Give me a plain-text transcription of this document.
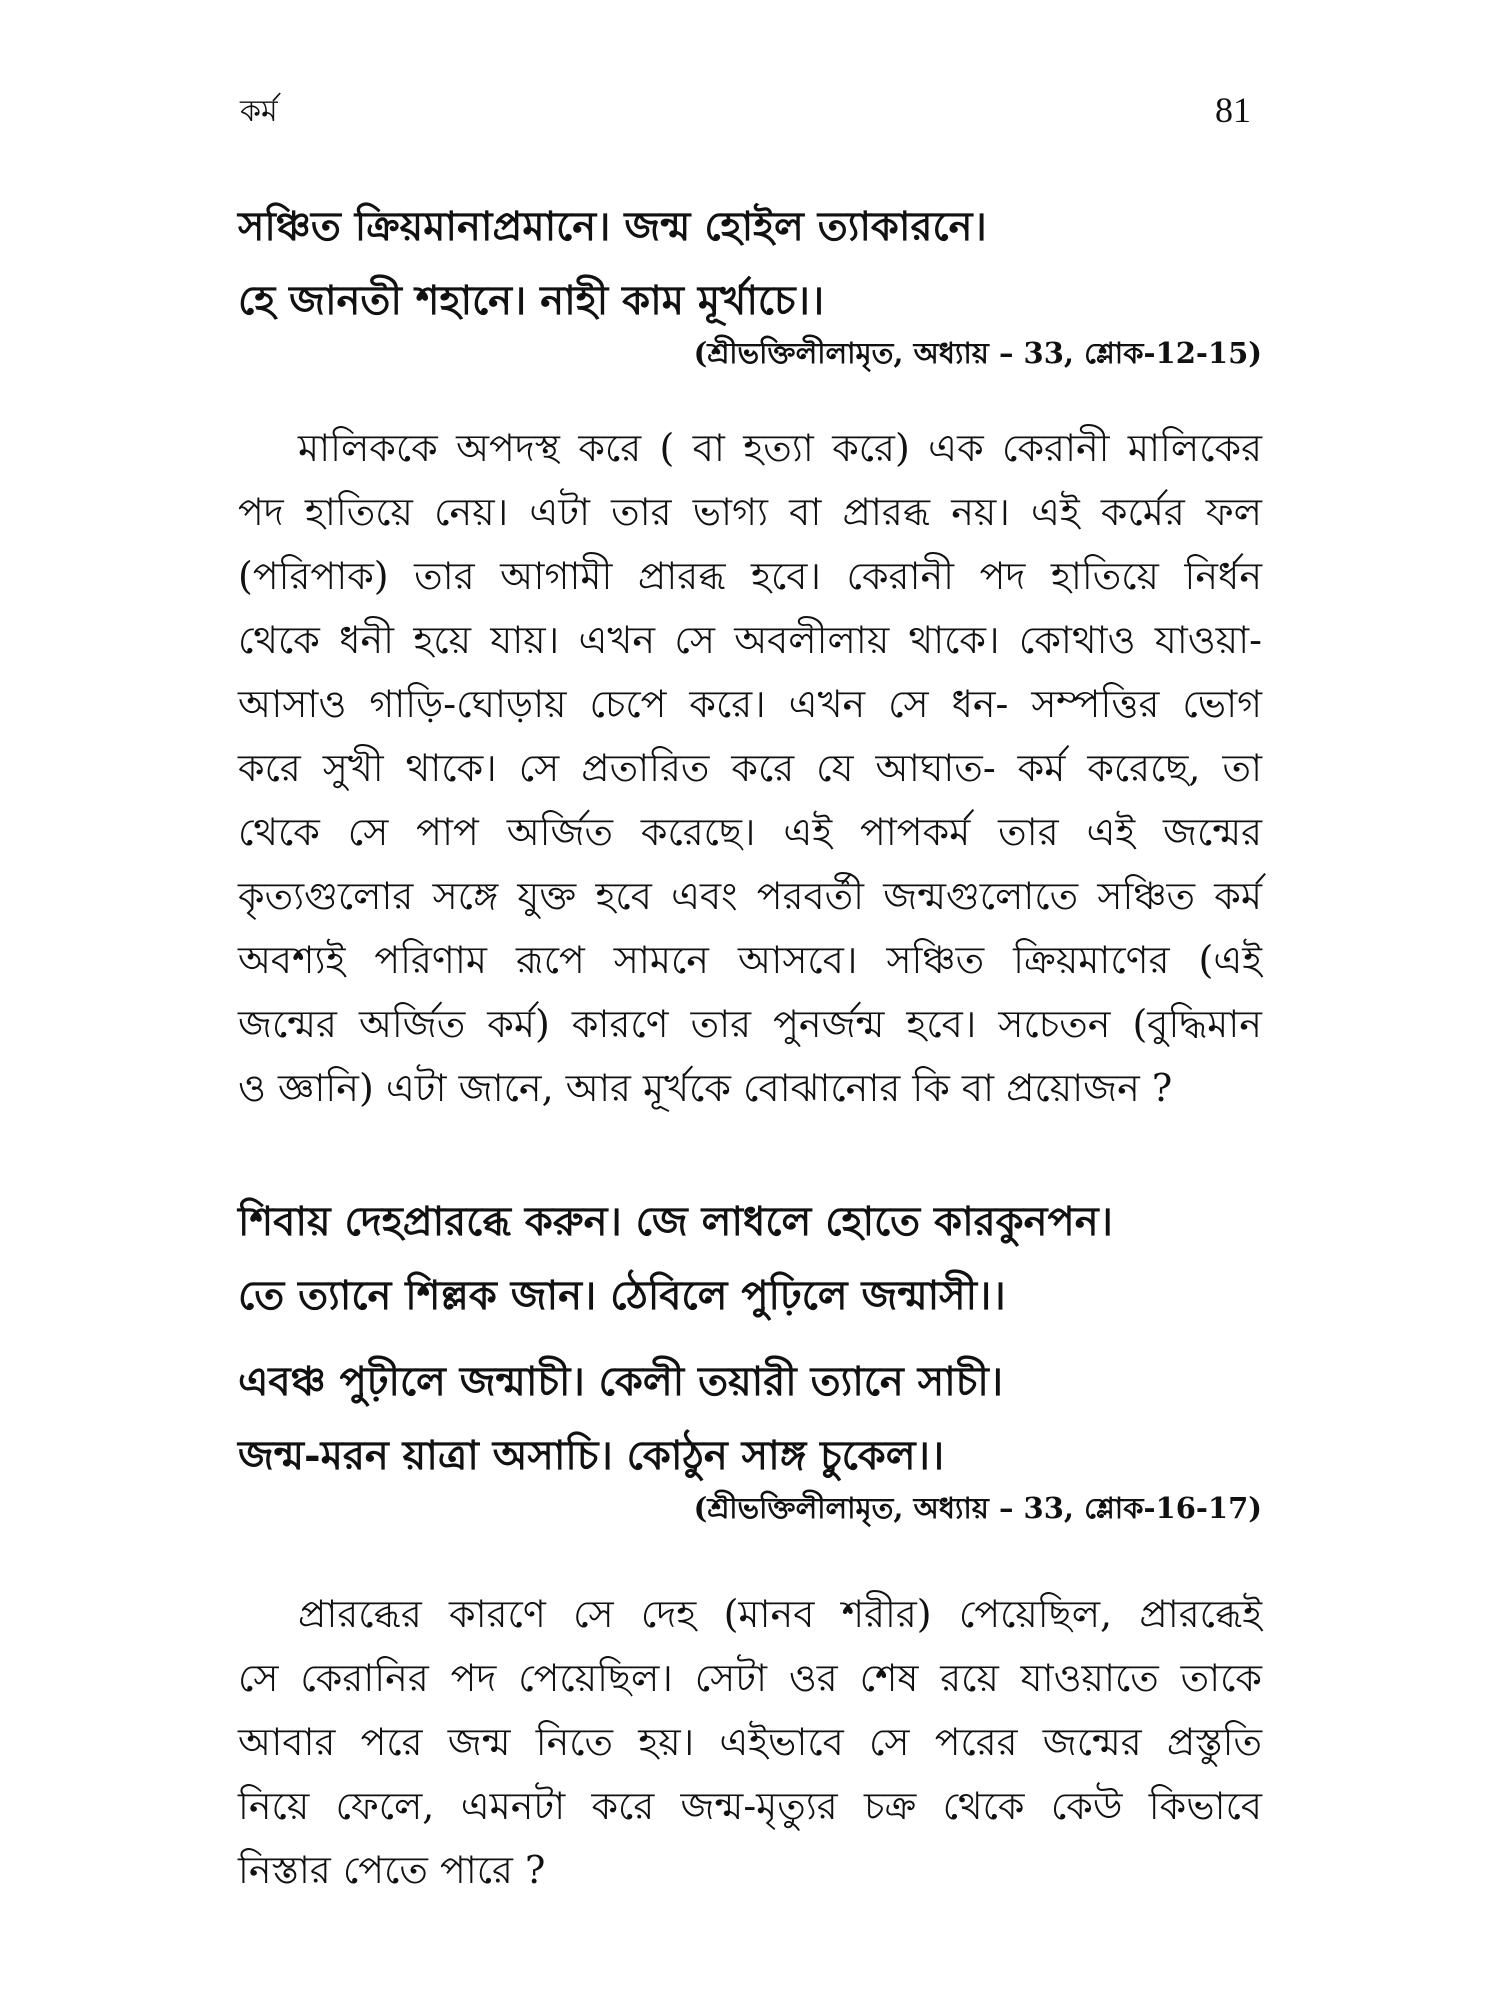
কর্ম	81
সঞ্চিত ক্রিয়মানাপ্রমানে। জন্ম হোইল ত্যাকারনে।
হে জানতী শহানে। নাহী কাম মূর্খাচে।।
(শ্রীভক্তিলীলামৃত, অধ্যায় – 33, শ্লোক-12-15)
মালিককে অপদস্থ করে ( বা হত্যা করে) এক কেরানী মালিকের
পদ হাতিয়ে নেয়। এটা তার ভাগ্য বা প্রারব্ধ নয়। এই কর্মের ফল
(পরিপাক) তার আগামী প্রারব্ধ হবে। কেরানী পদ হাতিয়ে নির্ধন
থেকে ধনী হয়ে যায়। এখন সে অবলীলায় থাকে। কোথাও যাওয়া-
আসাও গাড়ি-ঘোড়ায় চেপে করে। এখন সে ধন- সম্পত্তির ভোগ
করে সুখী থাকে। সে প্রতারিত করে যে আঘাত- কর্ম করেছে, তা
থেকে সে পাপ অর্জিত করেছে। এই পাপকর্ম তার এই জন্মের
কৃত্যগুলোর সঙ্গে যুক্ত হবে এবং পরবর্তী জন্মগুলোতে সঞ্চিত কর্ম
অবশ্যই পরিণাম রূপে সামনে আসবে। সঞ্চিত ক্রিয়মাণের (এই
জন্মের অর্জিত কর্ম) কারণে তার পুনর্জন্ম হবে। সচেতন (বুদ্ধিমান
ও জ্ঞানি) এটা জানে, আর মূর্খকে বোঝানোর কি বা প্রয়োজন ?
শিবায় দেহপ্রারব্ধে করুন। জে লাধলে হোতে কারকুনপন।
তে ত্যানে শিল্লক জান। ঠেবিলে পুঢ়িলে জন্মাসী।।
এবঞ্চ পুঢ়ীলে জন্মাচী। কেলী তয়ারী ত্যানে সাচী।
জন্ম-মরন য়াত্রা অসাচি। কোঠুন সাঙ্গ চুকেল।।
(শ্রীভক্তিলীলামৃত, অধ্যায় – 33, শ্লোক-16-17)
প্রারব্ধের কারণে সে দেহ (মানব শরীর) পেয়েছিল, প্রারব্ধেই
সে কেরানির পদ পেয়েছিল। সেটা ওর শেষ রয়ে যাওয়াতে তাকে
আবার পরে জন্ম নিতে হয়। এইভাবে সে পরের জন্মের প্রস্তুতি
নিয়ে ফেলে, এমনটা করে জন্ম-মৃত্যুর চক্র থেকে কেউ কিভাবে
নিস্তার পেতে পারে ?
